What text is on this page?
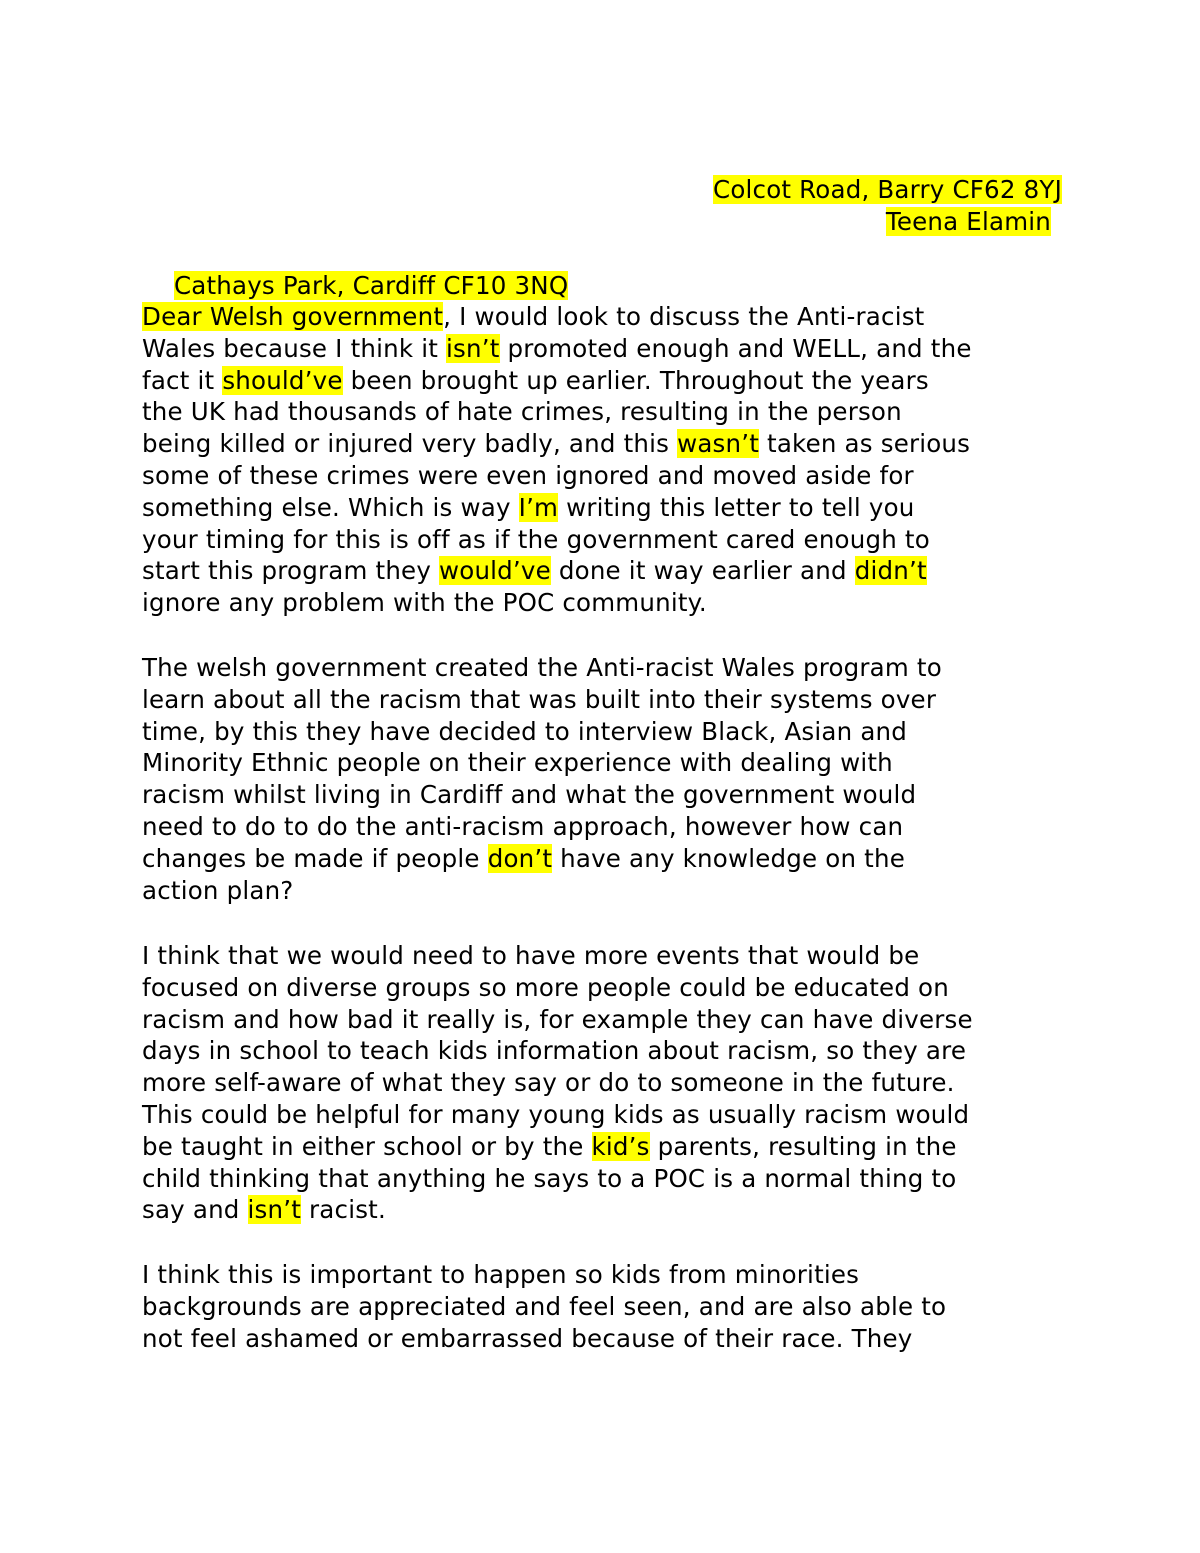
Colcot Road, Barry CF62 8YJ

Teena Elamin

Cathays Park, Cardiff CF10 3NQ

Dear Welsh government, I would look to discuss the Anti-racist
Wales because I think it isn’t promoted enough and WELL, and the
fact it should’ve been brought up earlier. Throughout the years
the UK had thousands of hate crimes, resulting in the person
being killed or injured very badly, and this wasn’t taken as serious
some of these crimes were even ignored and moved aside for
something else. Which is way I’m writing this letter to tell you
your timing for this is off as if the government cared enough to
start this program they would’ve done it way earlier and didn’t
ignore any problem with the POC community.
The welsh government created the Anti-racist Wales program to
learn about all the racism that was built into their systems over
time, by this they have decided to interview Black, Asian and
Minority Ethnic people on their experience with dealing with
racism whilst living in Cardiff and what the government would
need to do to do the anti-racism approach, however how can
changes be made if people don’t have any knowledge on the
action plan?
I think that we would need to have more events that would be
focused on diverse groups so more people could be educated on
racism and how bad it really is, for example they can have diverse
days in school to teach kids information about racism, so they are
more self-aware of what they say or do to someone in the future.
This could be helpful for many young kids as usually racism would
be taught in either school or by the kid’s parents, resulting in the
child thinking that anything he says to a POC is a normal thing to
say and isn’t racist.
I think this is important to happen so kids from minorities
backgrounds are appreciated and feel seen, and are also able to
not feel ashamed or embarrassed because of their race. They
